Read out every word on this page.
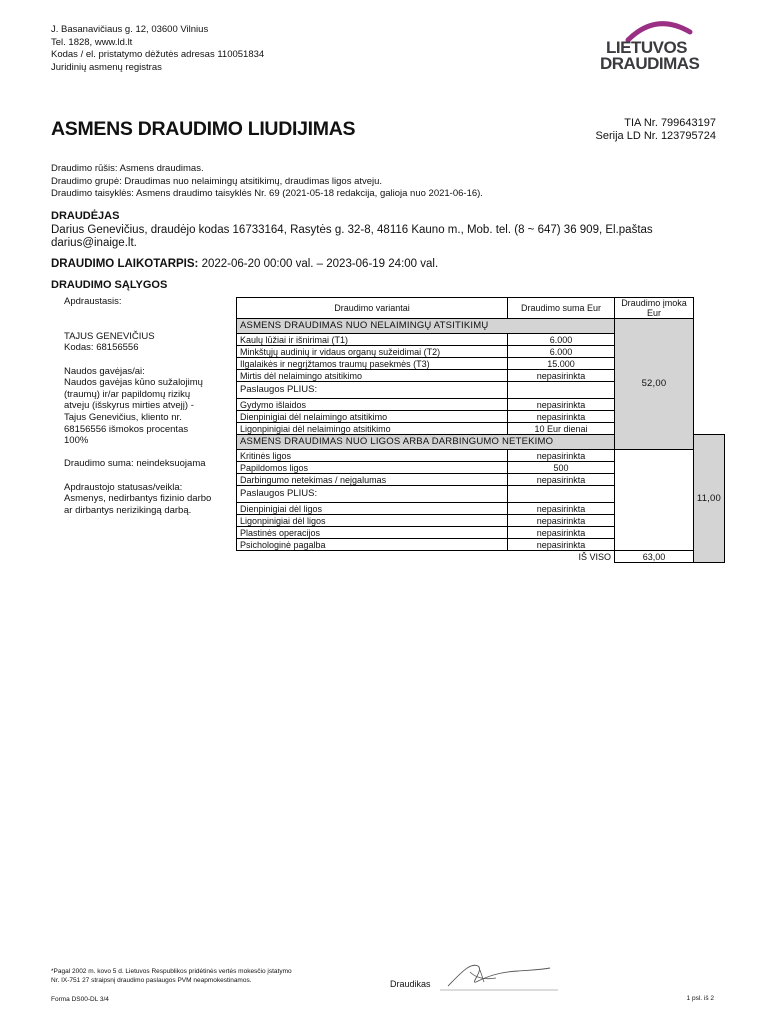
J. Basanavičiaus g. 12, 03600 Vilnius
Tel. 1828, www.ld.lt
Kodas / el. pristatymo dėžutės adresas 110051834
Juridinių asmenų registras
LIETUVOS
DRAUDIMAS
ASMENS DRAUDIMO LIUDIJIMAS	TIA Nr. 799643197
Serija LD Nr. 123795724
Draudimo rūšis: Asmens draudimas.
Draudimo grupė: Draudimas nuo nelaimingų atsitikimų, draudimas ligos atveju.
Draudimo taisyklės: Asmens draudimo taisyklės Nr. 69 (2021-05-18 redakcija, galioja nuo 2021-06-16).
DRAUDĖJAS
Darius Genevičius, draudėjo kodas 16733164, Rasytės g. 32-8, 48116 Kauno m., Mob. tel. (8 ~ 647) 36 909, El.paštas
darius@inaige.lt.
DRAUDIMO LAIKOTARPIS: 2022-06-20 00:00 val. – 2023-06-19 24:00 val.
DRAUDIMO SĄLYGOS

Apdraustasis:

TAJUS GENEVIČIUS

Kodas: 68156556

Naudos gavėjas/ai:

Naudos gavėjas kūno sužalojimų

(traumų) ir/ar papildomų rizikų

atveju (išskyrus mirties atvejį) -

Tajus Genevičius, kliento nr.

68156556 išmokos procentas

100%

Draudimo suma: neindeksuojama

Apdraustojo statusas/veikla:

Asmenys, nedirbantys fizinio darbo

ar dirbantys nerizikingą darbą.

Draudimo variantai	Draudimo suma Eur	Draudimo įmoka Eur	
ASMENS DRAUDIMAS NUO NELAIMINGŲ ATSITIKIMŲ		52,00	
Kaulų lūžiai ir išnirimai (T1)	6.000		
Minkštųjų audinių ir vidaus organų sužeidimai (T2)	6.000		
Ilgalaikės ir negrįžtamos traumų pasekmės (T3)	15.000		
Mirtis dėl nelaimingo atsitikimo	nepasirinkta		
Paslaugos PLIUS:			
Gydymo išlaidos	nepasirinkta		
Dienpinigiai dėl nelaimingo atsitikimo	nepasirinkta		
Ligonpinigiai dėl nelaimingo atsitikimo	10 Eur dienai		
ASMENS DRAUDIMAS NUO LIGOS ARBA DARBINGUMO NETEKIMO			11,00
Kritinės ligos	nepasirinkta		
Papildomos ligos	500		
Darbingumo netekimas / neįgalumas	nepasirinkta		
Paslaugos PLIUS:			
Dienpinigiai dėl ligos	nepasirinkta		
Ligonpinigiai dėl ligos	nepasirinkta		
Plastinės operacijos	nepasirinkta		
Psichologinė pagalba	nepasirinkta		
	IŠ VISO	63,00	
*Pagal 2002 m. kovo 5 d. Lietuvos Respublikos pridėtinės vertės mokesčio įstatymo
Nr. IX-751 27 straipsnį draudimo paslaugos PVM neapmokestinamos.
Forma DS00-DL 3/4
Draudikas
1 psl. iš 2
